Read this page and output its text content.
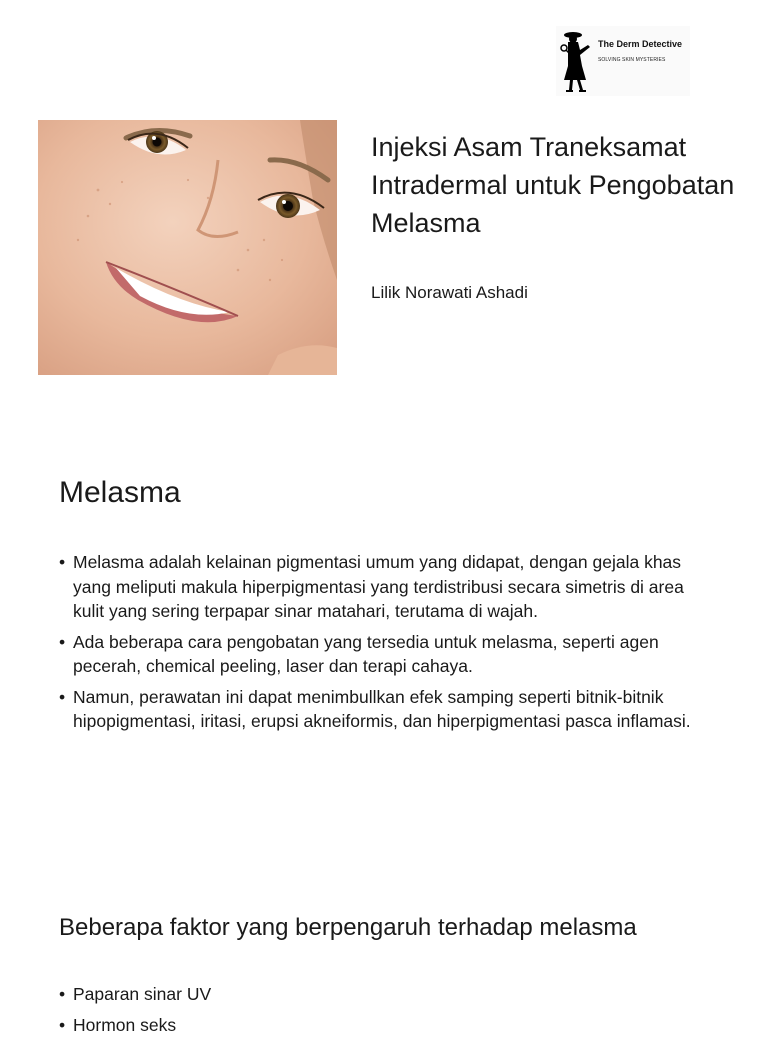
The Derm Detective
SOLVING SKIN MYSTERIES
Injeksi Asam Traneksamat Intradermal untuk Pengobatan Melasma
Lilik Norawati Ashadi
Melasma
• Melasma adalah kelainan pigmentasi umum yang didapat, dengan gejala khas yang meliputi makula hiperpigmentasi yang terdistribusi secara simetris di area kulit yang sering terpapar sinar matahari, terutama di wajah.
• Ada beberapa cara pengobatan yang tersedia untuk melasma, seperti agen pecerah, chemical peeling, laser dan terapi cahaya.
• Namun, perawatan ini dapat menimbullkan efek samping seperti bitnik-bitnik hipopigmentasi, iritasi, erupsi akneiformis, dan hiperpigmentasi pasca inflamasi.
Beberapa faktor yang berpengaruh terhadap melasma
• Paparan sinar UV
• Hormon seks
